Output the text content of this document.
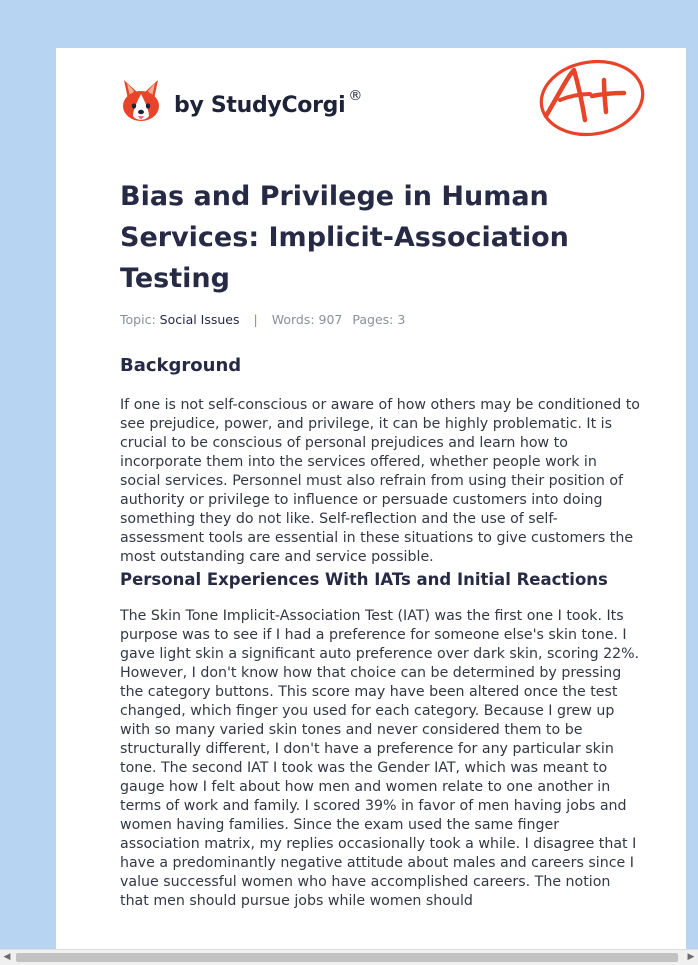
by StudyCorgi ®
A+
Bias and Privilege in Human Services: Implicit-Association Testing
Topic: Social Issues | Words: 907 Pages: 3
Background

If one is not self-conscious or aware of how others may be conditioned to see prejudice, power, and privilege, it can be highly problematic. It is crucial to be conscious of personal prejudices and learn how to incorporate them into the services offered, whether people work in social services. Personnel must also refrain from using their position of authority or privilege to influence or persuade customers into doing something they do not like. Self-reflection and the use of self-assessment tools are essential in these situations to give customers the most outstanding care and service possible.

Personal Experiences With IATs and Initial Reactions

The Skin Tone Implicit-Association Test (IAT) was the first one I took. Its purpose was to see if I had a preference for someone else's skin tone. I gave light skin a significant auto preference over dark skin, scoring 22%. However, I don't know how that choice can be determined by pressing the category buttons. This score may have been altered once the test changed, which finger you used for each category. Because I grew up with so many varied skin tones and never considered them to be structurally different, I don't have a preference for any particular skin tone. The second IAT I took was the Gender IAT, which was meant to gauge how I felt about how men and women relate to one another in terms of work and family. I scored 39% in favor of men having jobs and women having families. Since the exam used the same finger association matrix, my replies occasionally took a while. I disagree that I have a predominantly negative attitude about males and careers since I value successful women who have accomplished careers. The notion that men should pursue jobs while women should

◀	▶
